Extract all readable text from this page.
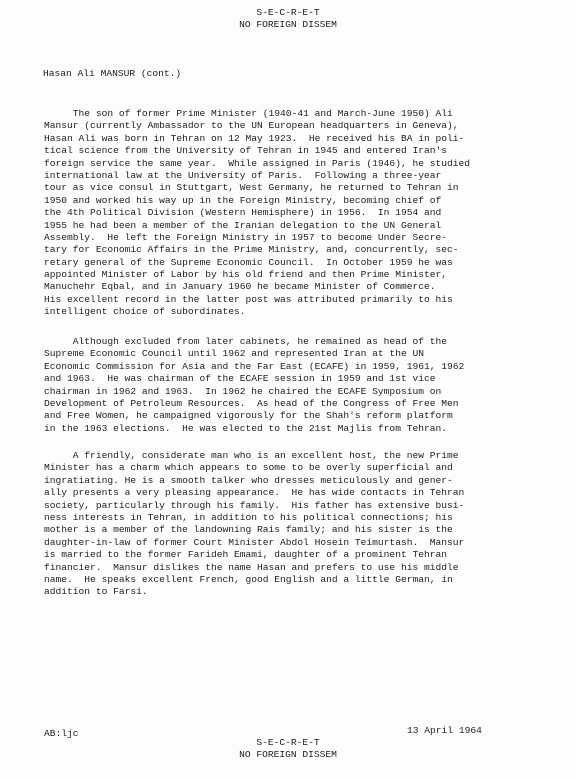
S-E-C-R-E-T
NO FOREIGN DISSEM
Hasan Ali MANSUR (cont.)
The son of former Prime Minister (1940-41 and March-June 1950) Ali
Mansur (currently Ambassador to the UN European headquarters in Geneva),
Hasan Ali was born in Tehran on 12 May 1923.  He received his BA in poli-
tical science from the University of Tehran in 1945 and entered Iran's
foreign service the same year.  While assigned in Paris (1946), he studied
international law at the University of Paris.  Following a three-year
tour as vice consul in Stuttgart, West Germany, he returned to Tehran in
1950 and worked his way up in the Foreign Ministry, becoming chief of
the 4th Political Division (Western Hemisphere) in 1956.  In 1954 and
1955 he had been a member of the Iranian delegation to the UN General
Assembly.  He left the Foreign Ministry in 1957 to become Under Secre-
tary for Economic Affairs in the Prime Ministry, and, concurrently, sec-
retary general of the Supreme Economic Council.  In October 1959 he was
appointed Minister of Labor by his old friend and then Prime Minister,
Manuchehr Eqbal, and in January 1960 he became Minister of Commerce.
His excellent record in the latter post was attributed primarily to his
intelligent choice of subordinates.
Although excluded from later cabinets, he remained as head of the
Supreme Economic Council until 1962 and represented Iran at the UN
Economic Commission for Asia and the Far East (ECAFE) in 1959, 1961, 1962
and 1963.  He was chairman of the ECAFE session in 1959 and 1st vice
chairman in 1962 and 1963.  In 1962 he chaired the ECAFE Symposium on
Development of Petroleum Resources.  As head of the Congress of Free Men
and Free Women, he campaigned vigorously for the Shah's reform platform
in the 1963 elections.  He was elected to the 21st Majlis from Tehran.
A friendly, considerate man who is an excellent host, the new Prime
Minister has a charm which appears to some to be overly superficial and
ingratiating. He is a smooth talker who dresses meticulously and gener-
ally presents a very pleasing appearance.  He has wide contacts in Tehran
society, particularly through his family.  His father has extensive busi-
ness interests in Tehran, in addition to his political connections; his
mother is a member of the landowning Rais family; and his sister is the
daughter-in-law of former Court Minister Abdol Hosein Teimurtash.  Mansur
is married to the former Farideh Emami, daughter of a prominent Tehran
financier.  Mansur dislikes the name Hasan and prefers to use his middle
name.  He speaks excellent French, good English and a little German, in
addition to Farsi.
AB:ljc	13 April 1964
S-E-C-R-E-T
NO FOREIGN DISSEM
